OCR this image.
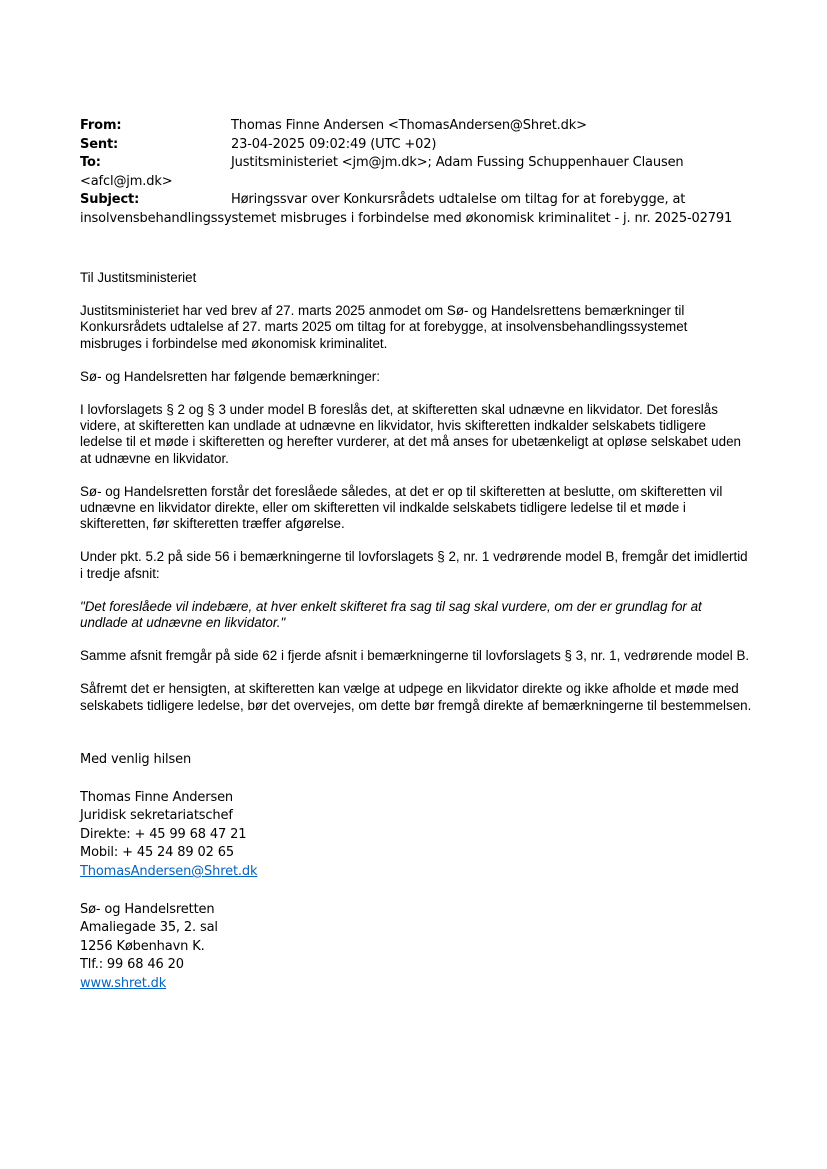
From:	Thomas Finne Andersen <ThomasAndersen@Shret.dk>
Sent:	23-04-2025 09:02:49 (UTC +02)
To:	Justitsministeriet <jm@jm.dk>; Adam Fussing Schuppenhauer Clausen
<afcl@jm.dk>
Subject:	Høringssvar over Konkursrådets udtalelse om tiltag for at forebygge, at
insolvensbehandlingssystemet misbruges i forbindelse med økonomisk kriminalitet - j. nr. 2025-02791

Til Justitsministeriet

Justitsministeriet har ved brev af 27. marts 2025 anmodet om Sø- og Handelsrettens bemærkninger til Konkursrådets udtalelse af 27. marts 2025 om tiltag for at forebygge, at insolvensbehandlingssystemet misbruges i forbindelse med økonomisk kriminalitet.

Sø- og Handelsretten har følgende bemærkninger:

I lovforslagets § 2 og § 3 under model B foreslås det, at skifteretten skal udnævne en likvidator. Det foreslås videre, at skifteretten kan undlade at udnævne en likvidator, hvis skifteretten indkalder selskabets tidligere ledelse til et møde i skifteretten og herefter vurderer, at det må anses for ubetænkeligt at opløse selskabet uden at udnævne en likvidator.

Sø- og Handelsretten forstår det foreslåede således, at det er op til skifteretten at beslutte, om skifteretten vil udnævne en likvidator direkte, eller om skifteretten vil indkalde selskabets tidligere ledelse til et møde i skifteretten, før skifteretten træffer afgørelse.

Under pkt. 5.2 på side 56 i bemærkningerne til lovforslagets § 2, nr. 1 vedrørende model B, fremgår det imidlertid i tredje afsnit:

"Det foreslåede vil indebære, at hver enkelt skifteret fra sag til sag skal vurdere, om der er grundlag for at undlade at udnævne en likvidator."

Samme afsnit fremgår på side 62 i fjerde afsnit i bemærkningerne til lovforslagets § 3, nr. 1, vedrørende model B.

Såfremt det er hensigten, at skifteretten kan vælge at udpege en likvidator direkte og ikke afholde et møde med selskabets tidligere ledelse, bør det overvejes, om dette bør fremgå direkte af bemærkningerne til bestemmelsen.

Med venlig hilsen
Thomas Finne Andersen
Juridisk sekretariatschef
Direkte: + 45 99 68 47 21
Mobil: + 45 24 89 02 65
ThomasAndersen@Shret.dk
Sø- og Handelsretten
Amaliegade 35, 2. sal
1256 København K.
Tlf.: 99 68 46 20
www.shret.dk
